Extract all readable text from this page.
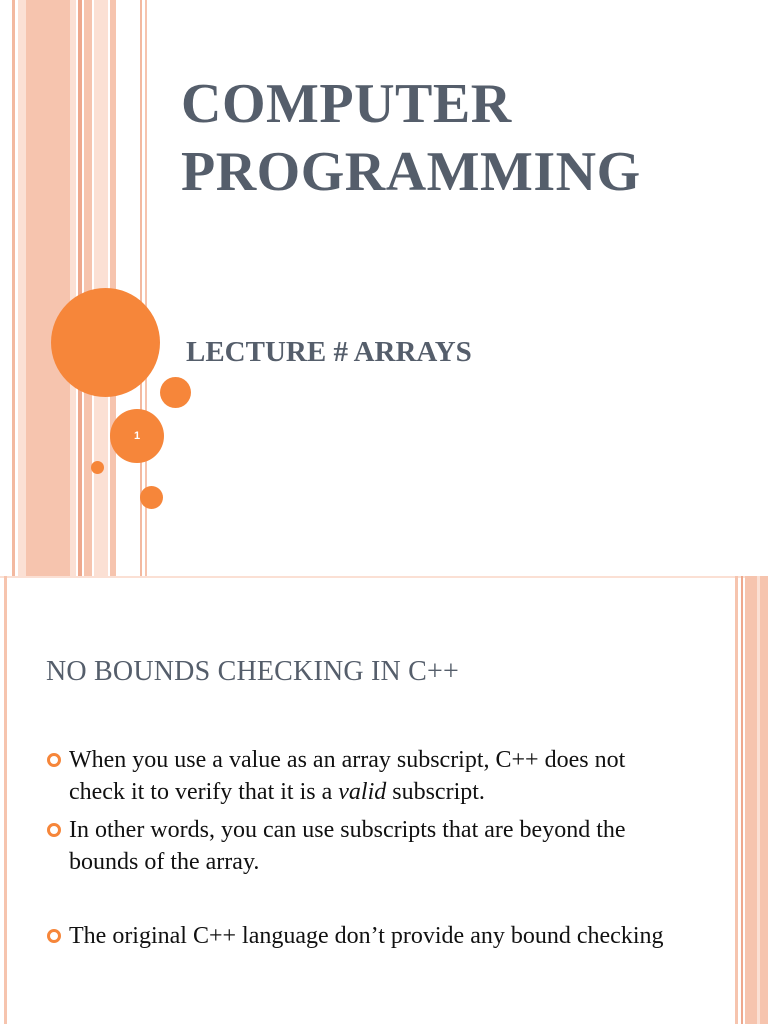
1
COMPUTER
PROGRAMMING
LECTURE # ARRAYS
NO BOUNDS CHECKING IN C++
When you use a value as an array subscript, C++ does not
check it to verify that it is a valid subscript.
In other words, you can use subscripts that are beyond the
bounds of the array.
The original C++ language don’t provide any bound checking
